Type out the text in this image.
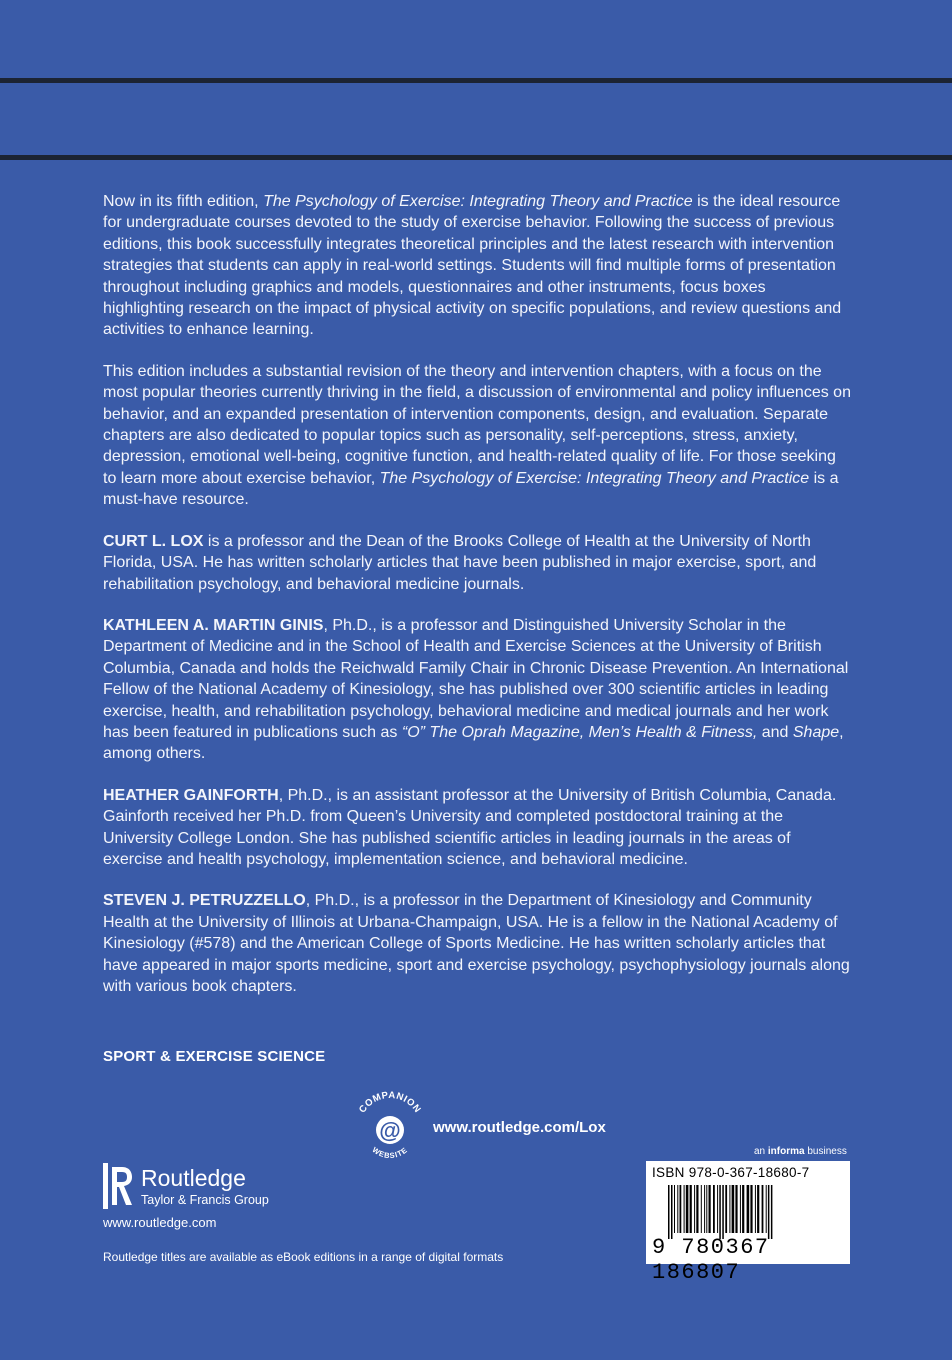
Now in its fifth edition, The Psychology of Exercise: Integrating Theory and Practice is the ideal resource for undergraduate courses devoted to the study of exercise behavior. Following the success of previous editions, this book successfully integrates theoretical principles and the latest research with intervention strategies that students can apply in real-world settings. Students will find multiple forms of presentation throughout including graphics and models, questionnaires and other instruments, focus boxes highlighting research on the impact of physical activity on specific populations, and review questions and activities to enhance learning.

This edition includes a substantial revision of the theory and intervention chapters, with a focus on the most popular theories currently thriving in the field, a discussion of environmental and policy influences on behavior, and an expanded presentation of intervention components, design, and evaluation. Separate chapters are also dedicated to popular topics such as personality, self-perceptions, stress, anxiety, depression, emotional well-being, cognitive function, and health-related quality of life. For those seeking to learn more about exercise behavior, The Psychology of Exercise: Integrating Theory and Practice is a must-have resource.

CURT L. LOX is a professor and the Dean of the Brooks College of Health at the University of North Florida, USA. He has written scholarly articles that have been published in major exercise, sport, and rehabilitation psychology, and behavioral medicine journals.

KATHLEEN A. MARTIN GINIS, Ph.D., is a professor and Distinguished University Scholar in the Department of Medicine and in the School of Health and Exercise Sciences at the University of British Columbia, Canada and holds the Reichwald Family Chair in Chronic Disease Prevention. An International Fellow of the National Academy of Kinesiology, she has published over 300 scientific articles in leading exercise, health, and rehabilitation psychology, behavioral medicine and medical journals and her work has been featured in publications such as “O” The Oprah Magazine, Men’s Health & Fitness, and Shape, among others.

HEATHER GAINFORTH, Ph.D., is an assistant professor at the University of British Columbia, Canada. Gainforth received her Ph.D. from Queen’s University and completed postdoctoral training at the University College London. She has published scientific articles in leading journals in the areas of exercise and health psychology, implementation science, and behavioral medicine.

STEVEN J. PETRUZZELLO, Ph.D., is a professor in the Department of Kinesiology and Community Health at the University of Illinois at Urbana-Champaign, USA. He is a fellow in the National Academy of Kinesiology (#578) and the American College of Sports Medicine. He has written scholarly articles that have appeared in major sports medicine, sport and exercise psychology, psychophysiology journals along with various book chapters.

SPORT & EXERCISE SCIENCE
COMPANION
WEBSITE
@ www.routledge.com/Lox
Routledge
Taylor & Francis Group
www.routledge.com
Routledge titles are available as eBook editions in a range of digital formats
an informa business
ISBN 978-0-367-18680-7
9 780367 186807
